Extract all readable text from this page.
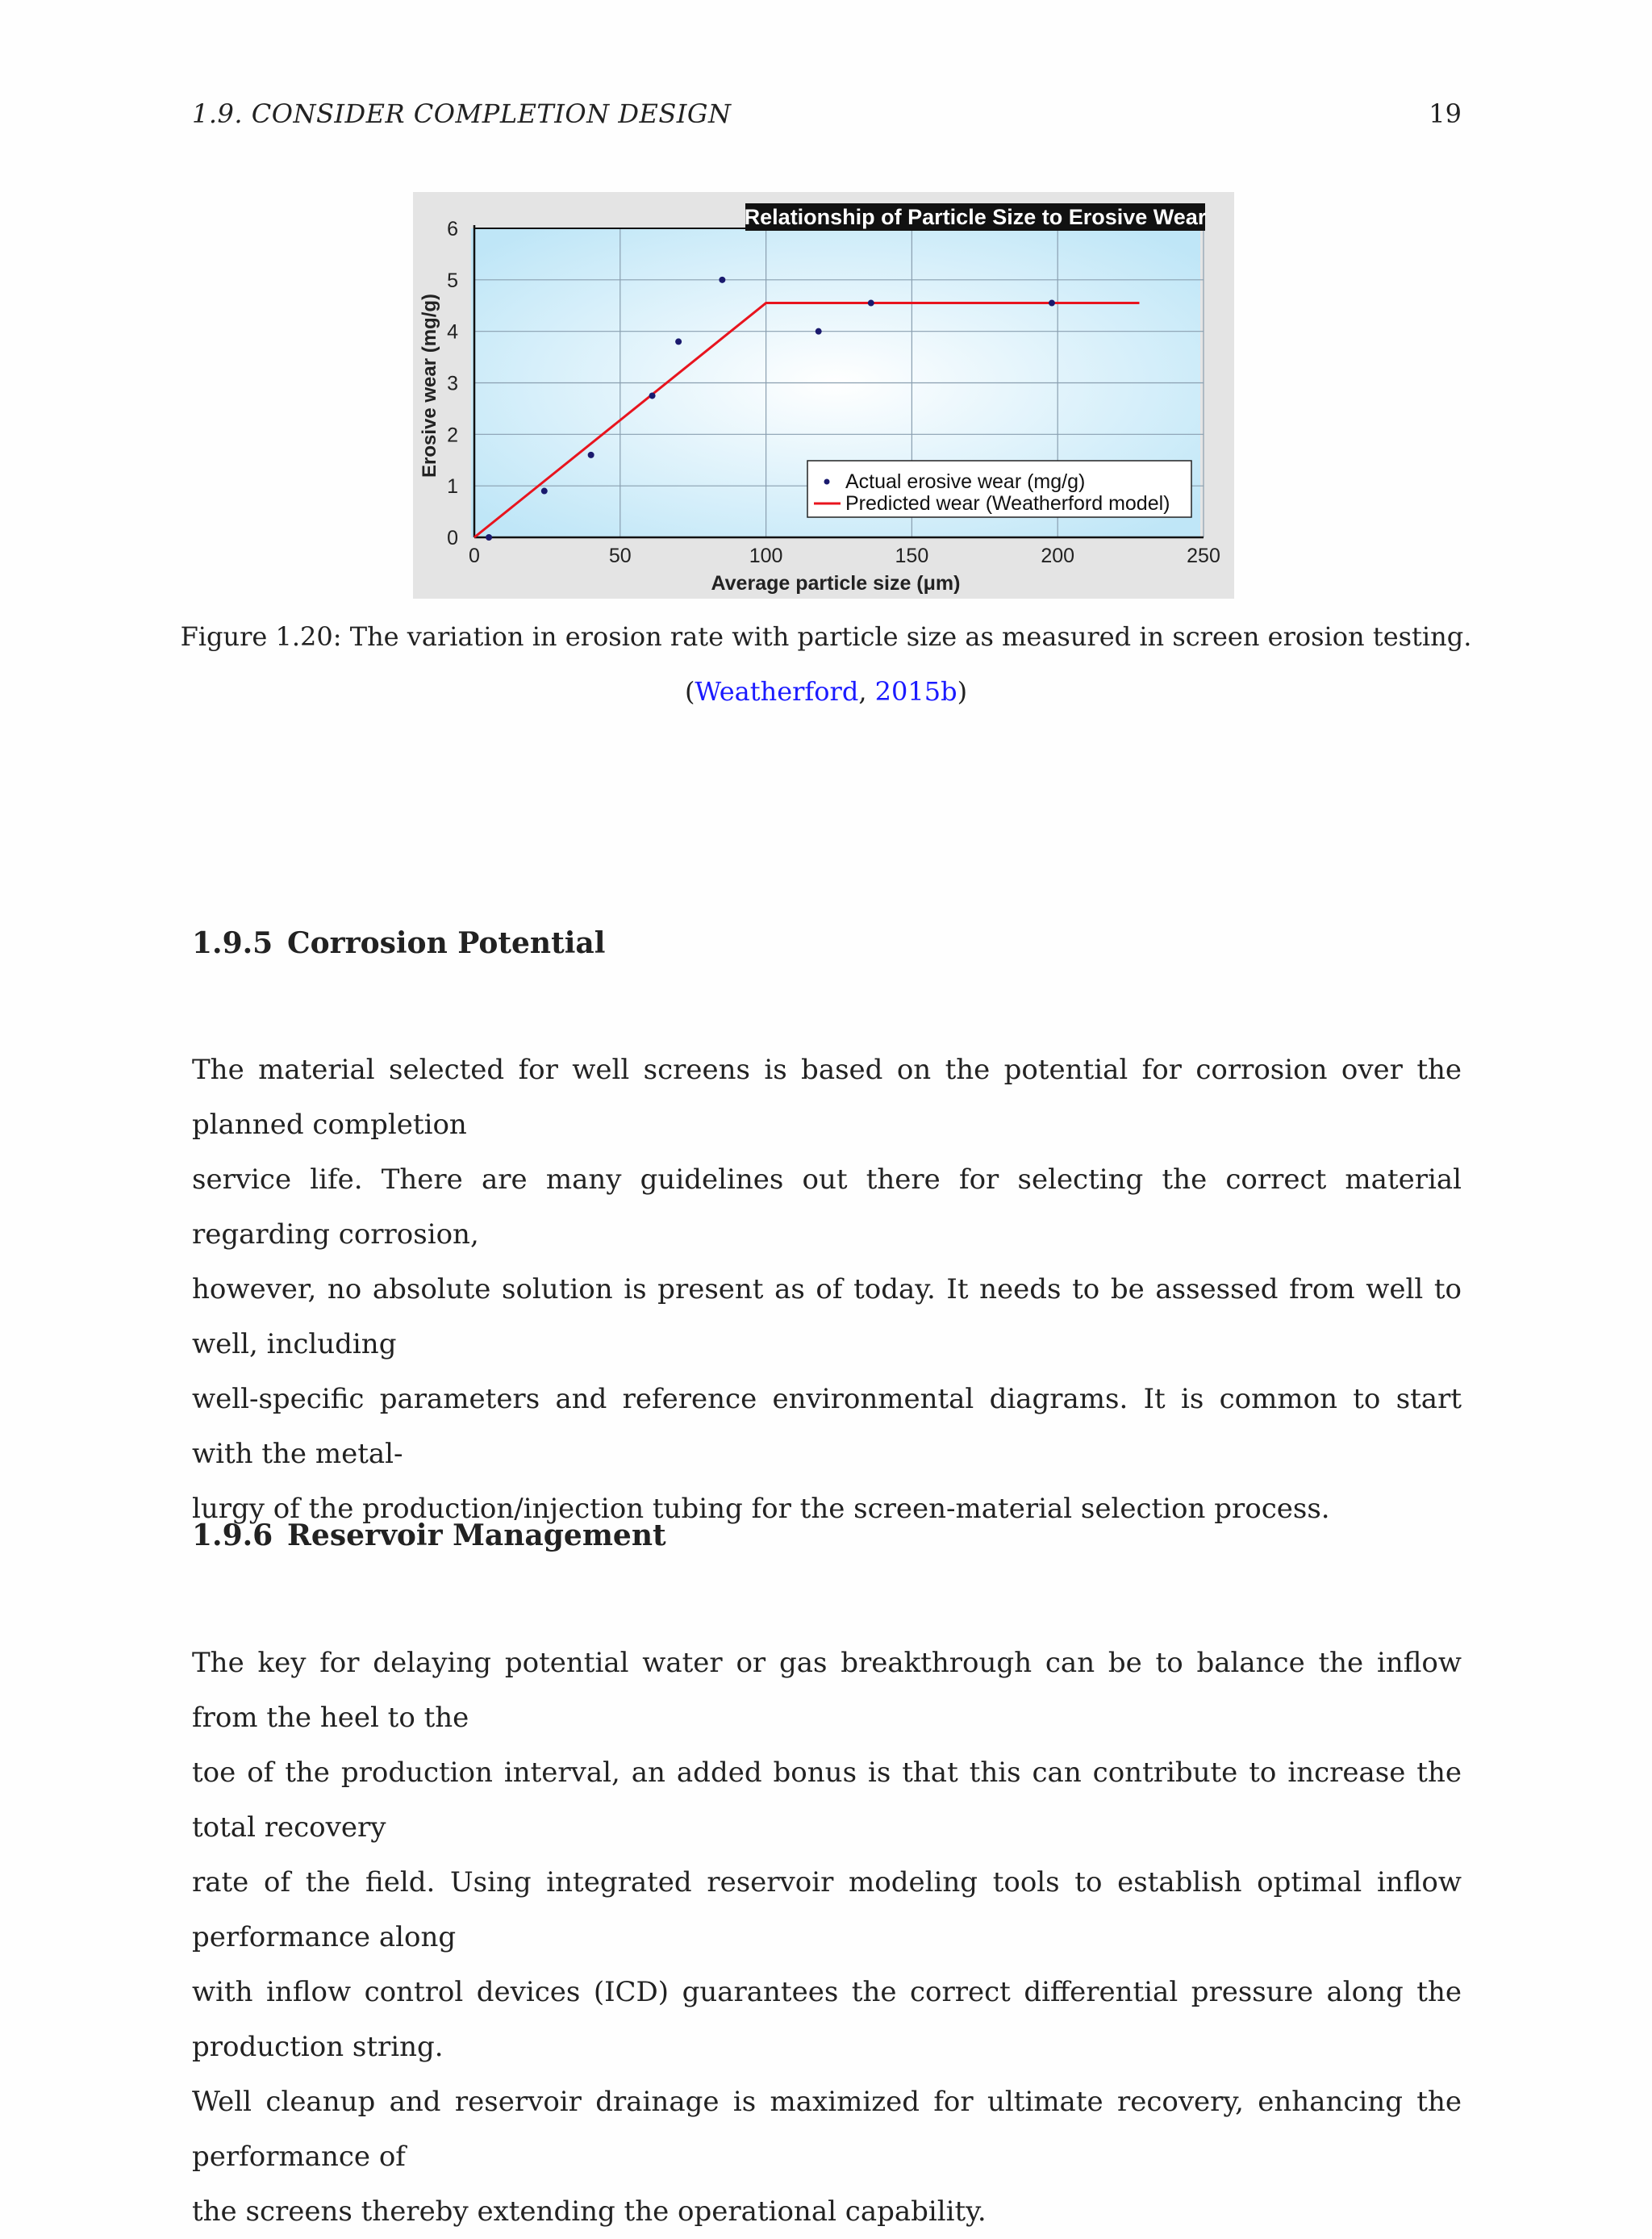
1.9. CONSIDER COMPLETION DESIGN	19
0
1
2
3
4
5
6
0	50	100	150	200	250
Relationship of Particle Size to Erosive Wear
Average particle size (μm)
Erosive wear (mg/g)
Actual erosive wear (mg/g)
Predicted wear (Weatherford model)
Figure 1.20: The variation in erosion rate with particle size as measured in screen erosion testing.
(Weatherford, 2015b)
1.9.5 Corrosion Potential
The material selected for well screens is based on the potential for corrosion over the planned completion
service life. There are many guidelines out there for selecting the correct material regarding corrosion,
however, no absolute solution is present as of today. It needs to be assessed from well to well, including
well-specific parameters and reference environmental diagrams. It is common to start with the metal-
lurgy of the production/injection tubing for the screen-material selection process.
1.9.6 Reservoir Management
The key for delaying potential water or gas breakthrough can be to balance the inflow from the heel to the
toe of the production interval, an added bonus is that this can contribute to increase the total recovery
rate of the field. Using integrated reservoir modeling tools to establish optimal inflow performance along
with inflow control devices (ICD) guarantees the correct differential pressure along the production string.
Well cleanup and reservoir drainage is maximized for ultimate recovery, enhancing the performance of
the screens thereby extending the operational capability.
